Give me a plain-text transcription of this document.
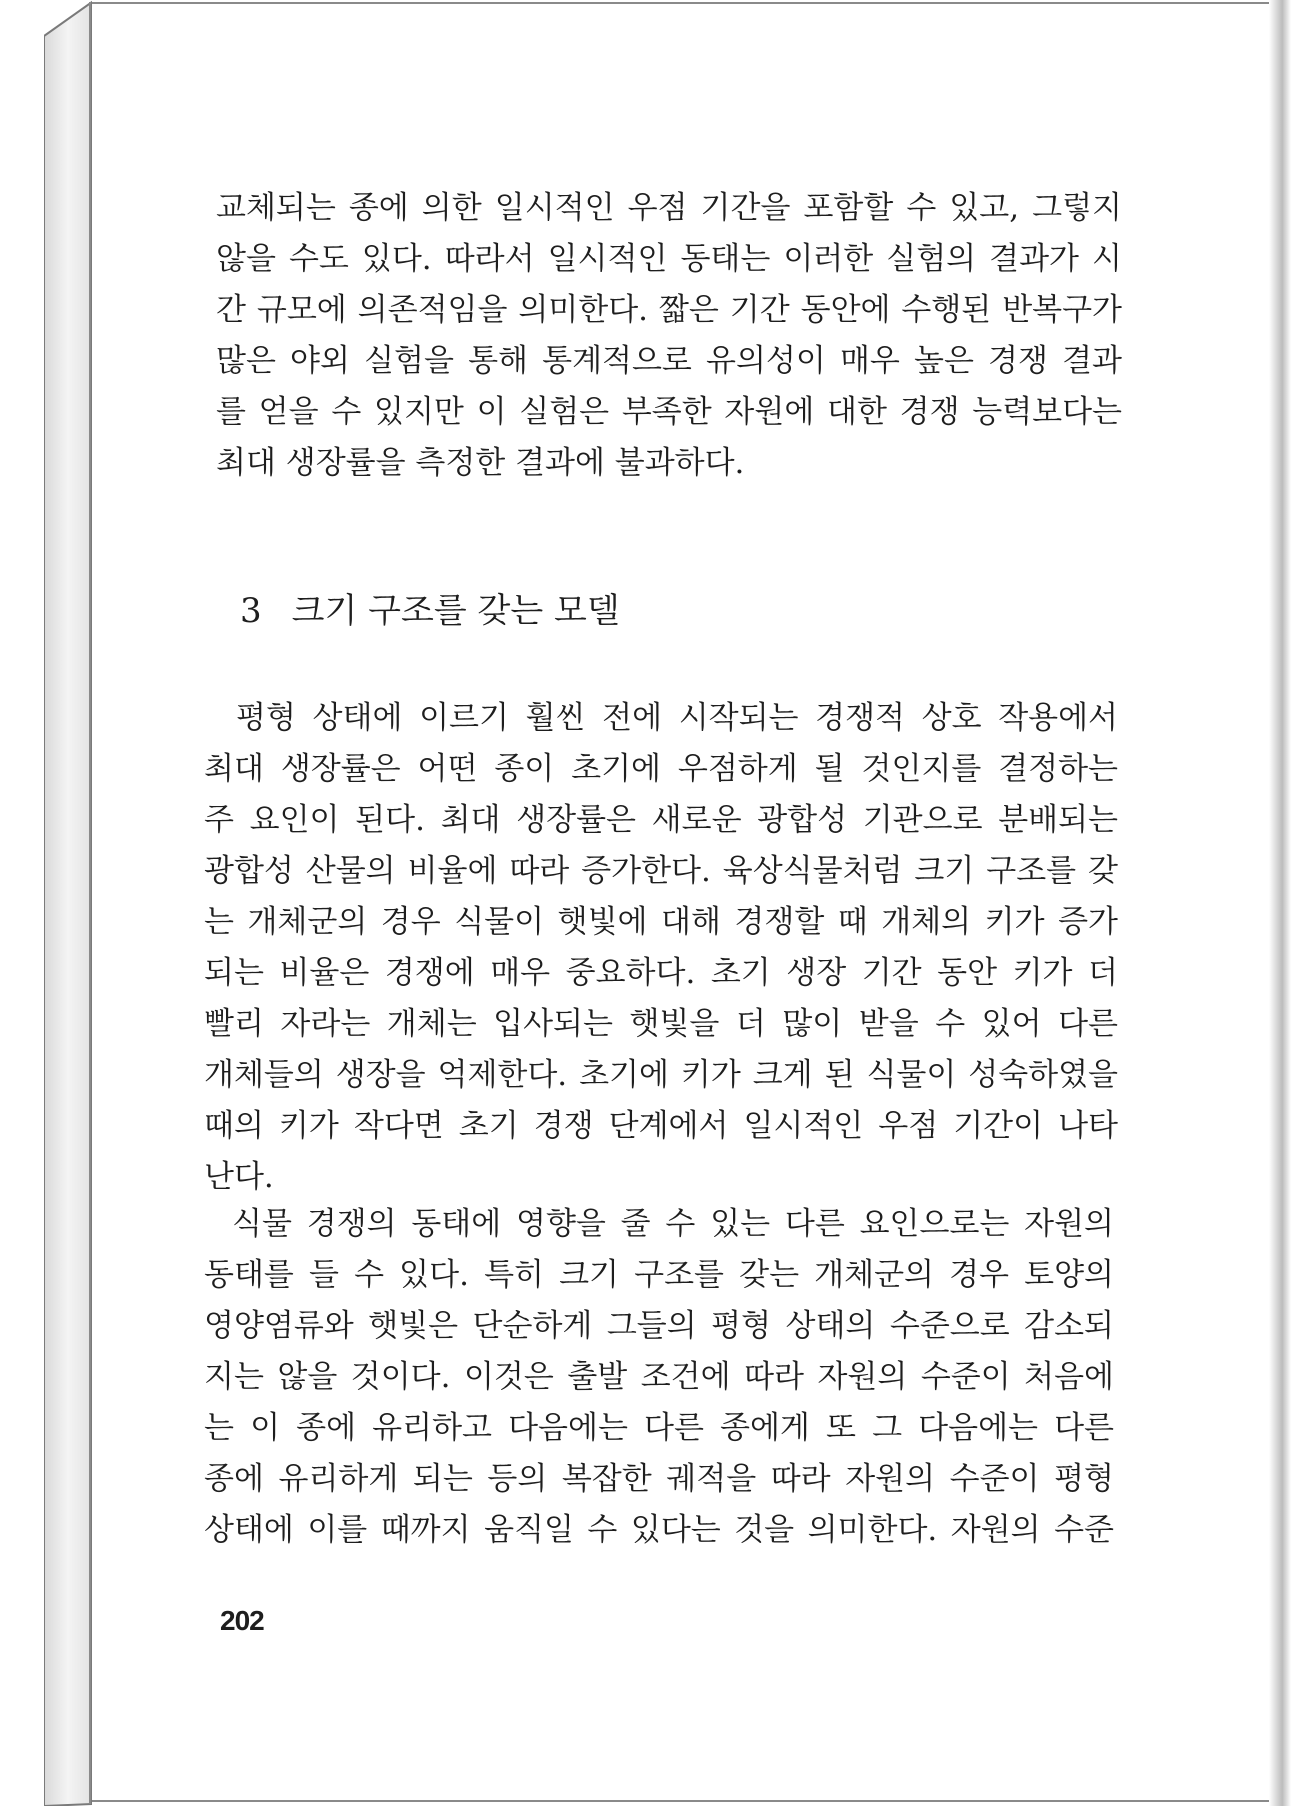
교체되는 종에 의한 일시적인 우점 기간을 포함할 수 있고, 그렇지
않을 수도 있다. 따라서 일시적인 동태는 이러한 실험의 결과가 시
간 규모에 의존적임을 의미한다. 짧은 기간 동안에 수행된 반복구가
많은 야외 실험을 통해 통계적으로 유의성이 매우 높은 경쟁 결과
를 얻을 수 있지만 이 실험은 부족한 자원에 대한 경쟁 능력보다는
최대 생장률을 측정한 결과에 불과하다.
3 크기 구조를 갖는 모델
평형 상태에 이르기 훨씬 전에 시작되는 경쟁적 상호 작용에서
최대 생장률은 어떤 종이 초기에 우점하게 될 것인지를 결정하는
주 요인이 된다. 최대 생장률은 새로운 광합성 기관으로 분배되는
광합성 산물의 비율에 따라 증가한다. 육상식물처럼 크기 구조를 갖
는 개체군의 경우 식물이 햇빛에 대해 경쟁할 때 개체의 키가 증가
되는 비율은 경쟁에 매우 중요하다. 초기 생장 기간 동안 키가 더
빨리 자라는 개체는 입사되는 햇빛을 더 많이 받을 수 있어 다른
개체들의 생장을 억제한다. 초기에 키가 크게 된 식물이 성숙하였을
때의 키가 작다면 초기 경쟁 단계에서 일시적인 우점 기간이 나타
난다.
식물 경쟁의 동태에 영향을 줄 수 있는 다른 요인으로는 자원의
동태를 들 수 있다. 특히 크기 구조를 갖는 개체군의 경우 토양의
영양염류와 햇빛은 단순하게 그들의 평형 상태의 수준으로 감소되
지는 않을 것이다. 이것은 출발 조건에 따라 자원의 수준이 처음에
는 이 종에 유리하고 다음에는 다른 종에게 또 그 다음에는 다른
종에 유리하게 되는 등의 복잡한 궤적을 따라 자원의 수준이 평형
상태에 이를 때까지 움직일 수 있다는 것을 의미한다. 자원의 수준
202
